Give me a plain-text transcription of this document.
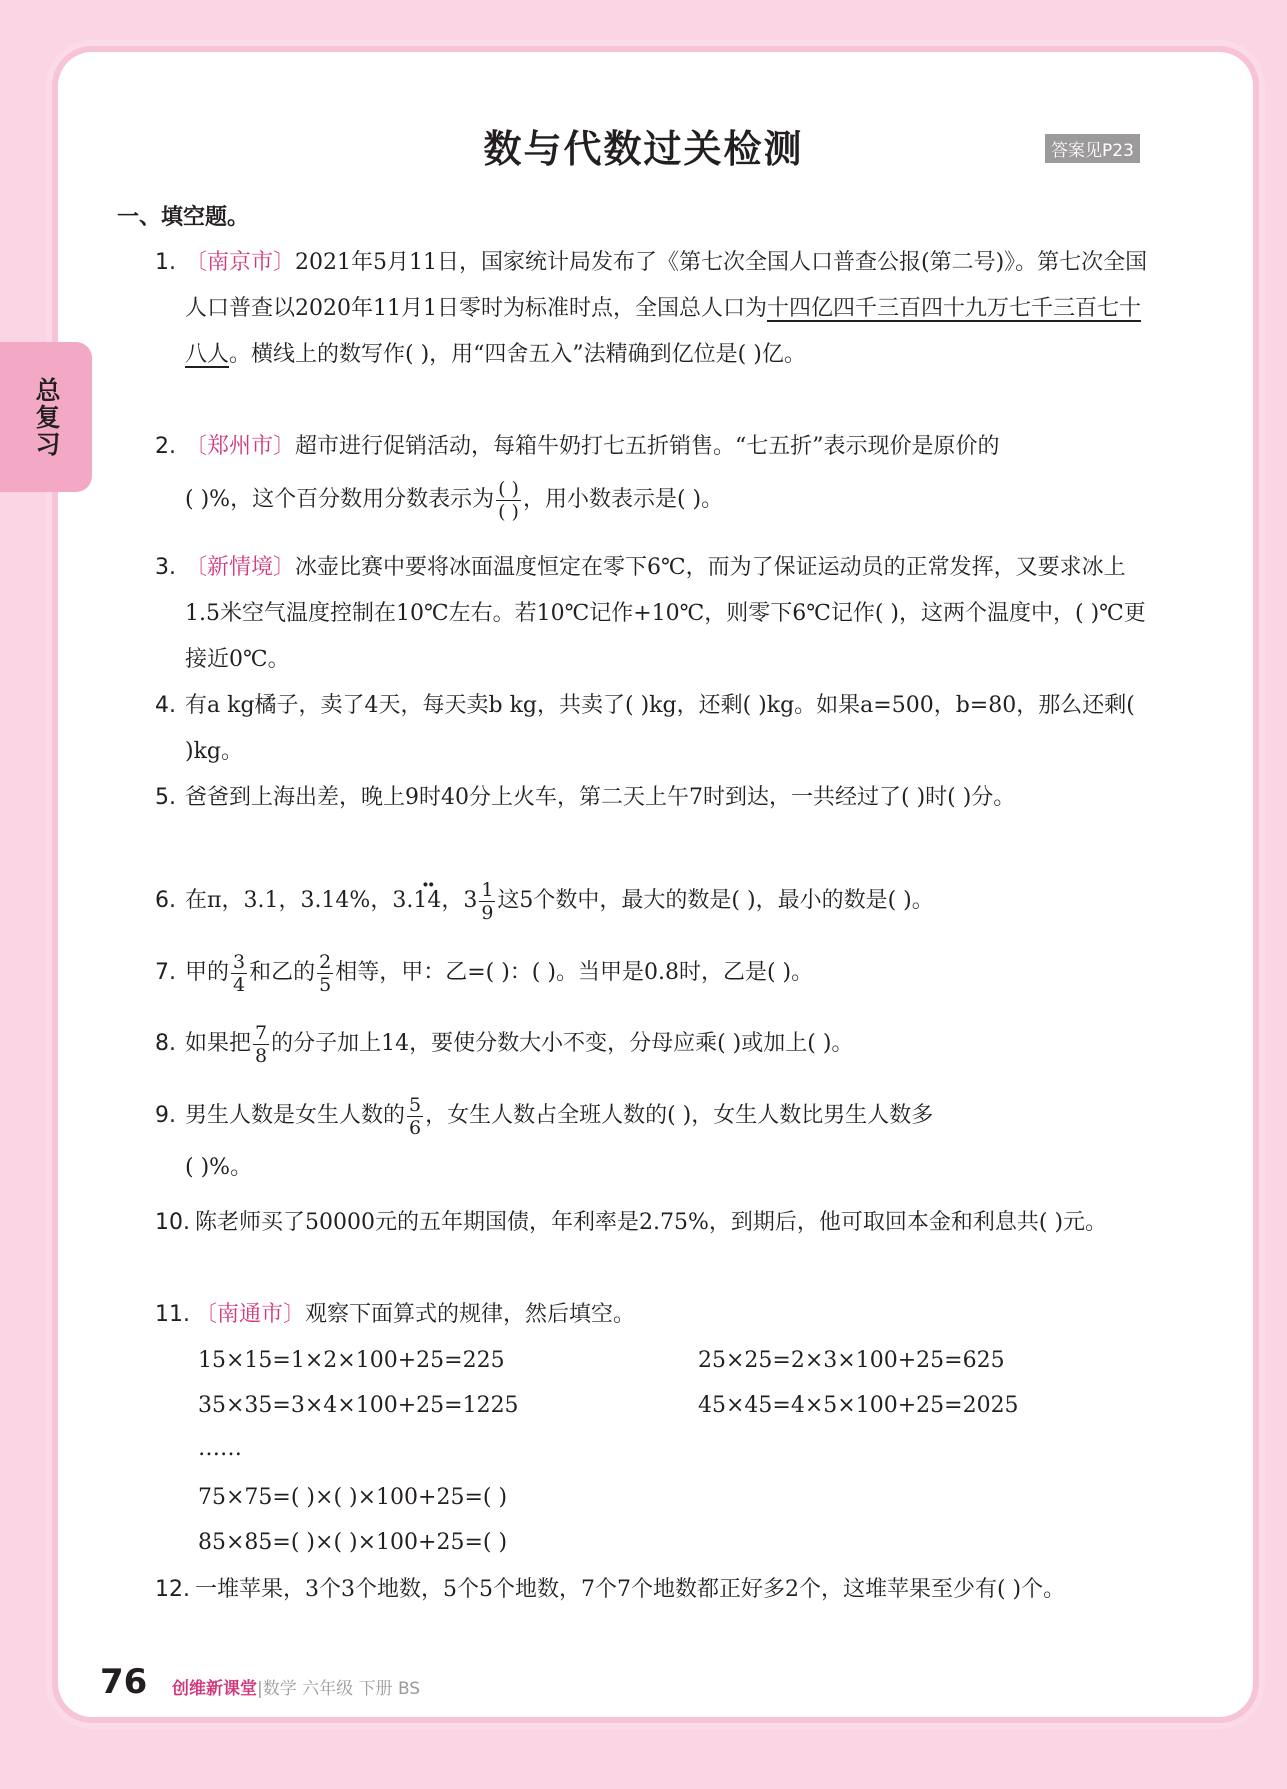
总复习
数与代数过关检测	答案见P23
一、填空题。
1. 〔南京市〕2021年5月11日，国家统计局发布了《第七次全国人口普查公报(第二号)》。第七次全国人口普查以2020年11月1日零时为标准时点，全国总人口为十四亿四千三百四十九万七千三百七十八人。横线上的数写作( )，用“四舍五入”法精确到亿位是( )亿。
2. 〔郑州市〕超市进行促销活动，每箱牛奶打七五折销售。“七五折”表示现价是原价的
( )%，这个百分数用分数表示为 $\frac{( )}{( )}$ ，用小数表示是( )。
3. 〔新情境〕冰壶比赛中要将冰面温度恒定在零下6℃，而为了保证运动员的正常发挥，又要求冰上1.5米空气温度控制在10℃左右。若10℃记作+10℃，则零下6℃记作( )，这两个温度中，( )℃更接近0℃。
4. 有a kg橘子，卖了4天，每天卖b kg，共卖了( )kg，还剩( )kg。如果a=500，b=80，那么还剩( )kg。
5. 爸爸到上海出差，晚上9时40分上火车，第二天上午7时到达，一共经过了( )时( )分。
6. 在π，3.1，3.14%，3.·· 14，$3 \frac{1}{9}$ 这5个数中，最大的数是( )，最小的数是( )。
7. 甲的 $\frac{3}{4}$ 和乙的 $\frac{2}{5}$ 相等，甲：乙=( )：( )。当甲是0.8时，乙是( )。
8. 如果把 $\frac{7}{8}$ 的分子加上14，要使分数大小不变，分母应乘( )或加上( )。
9. 男生人数是女生人数的 $\frac{5}{6}$ ，女生人数占全班人数的( )，女生人数比男生人数多
( )%。
10. 陈老师买了50000元的五年期国债，年利率是2.75%，到期后，他可取回本金和利息共( )元。
11. 〔南通市〕观察下面算式的规律，然后填空。
15×15=1×2×100+25=225	25×25=2×3×100+25=625
35×35=3×4×100+25=1225	45×45=4×5×100+25=2025
……
75×75=( )×( )×100+25=( )
85×85=( )×( )×100+25=( )
12. 一堆苹果，3个3个地数，5个5个地数，7个7个地数都正好多2个，这堆苹果至少有( )个。
76 创维新课堂|数学 六年级 下册 BS
